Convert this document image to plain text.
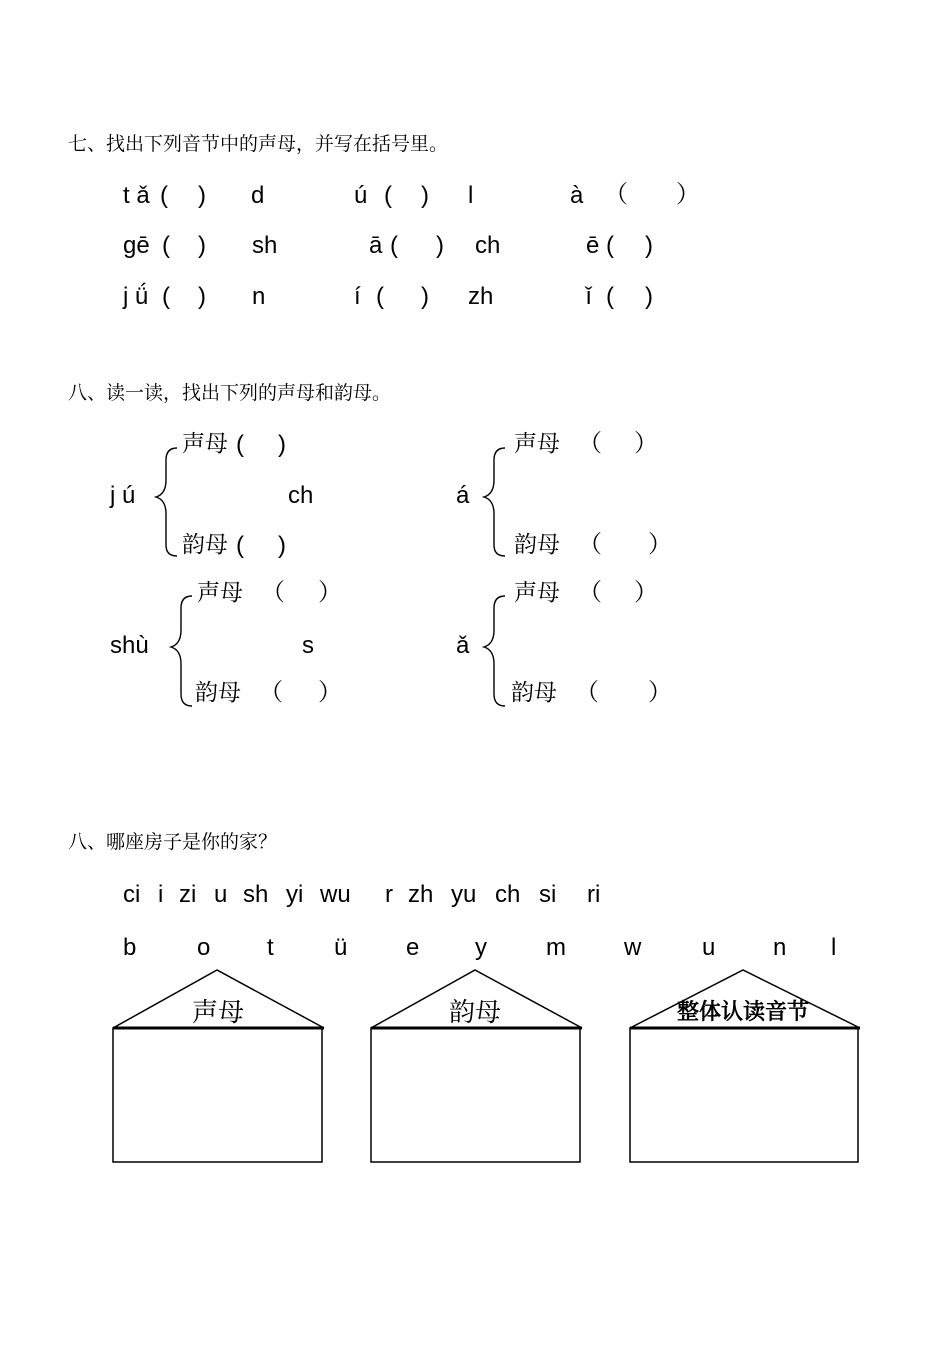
七、找出下列音节中的声母，并写在括号里。
t ǎ ( ) d	ú ( ) l	à （ ）
gē ( ) sh	ā ( ) ch	ē ( )
j ǘ ( ) n	í ( ) zh	ǐ ( )
八、读一读，找出下列的声母和韵母。
j ú
声母 ( )
ch
韵母 ( )
á
声母 （ ）
韵母 （ ）
shù
声母 （ ）
s
韵母 （ ）
ǎ
声母 （ ）
韵母 （ ）
八、哪座房子是你的家？
ci i zi u sh yi wu r zh yu ch si ri
b	o t	ü e y m w	u n l
声母	韵母	整体认读音节
